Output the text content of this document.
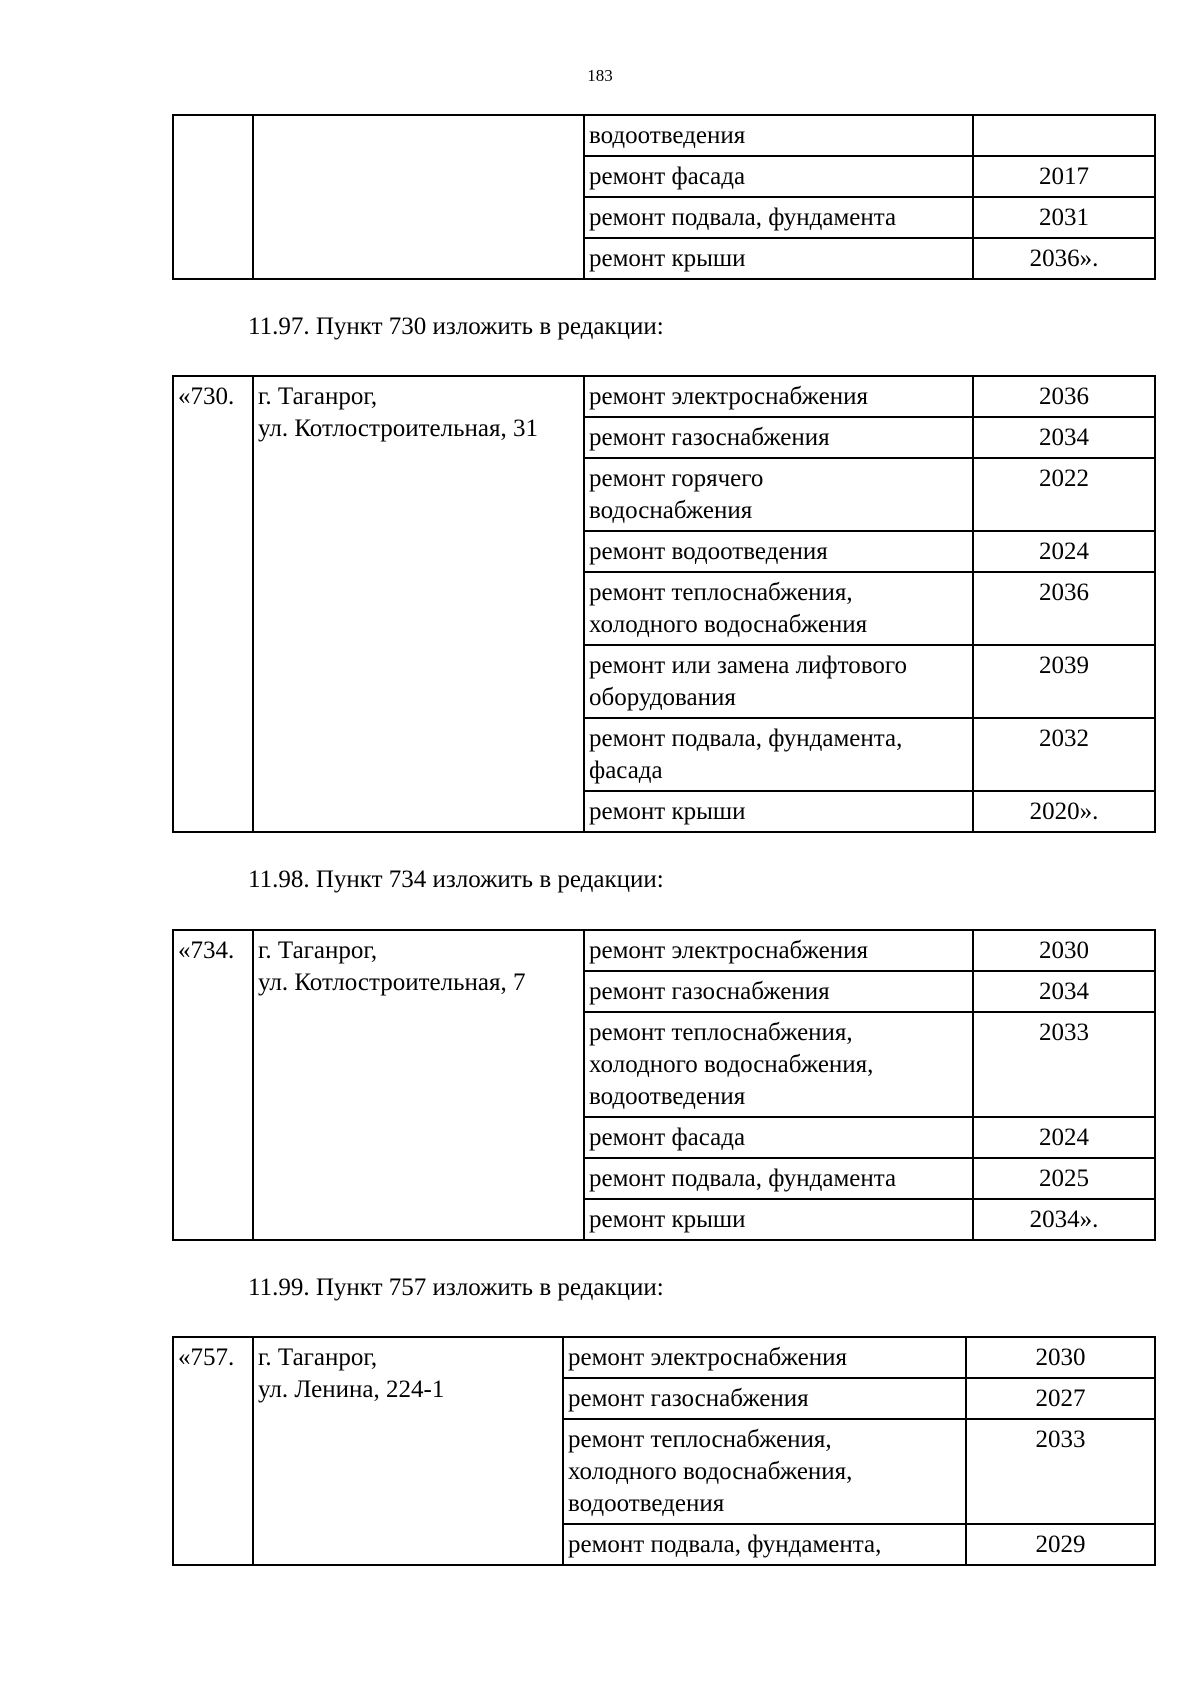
183
		водоотведения	
		ремонт фасада	2017
		ремонт подвала, фундамента	2031
		ремонт крыши	2036».
11.97. Пункт 730 изложить в редакции:
«730.	г. Таганрог,
ул. Котлостроительная, 31	ремонт электроснабжения	2036
		ремонт газоснабжения	2034
		ремонт горячего
водоснабжения	2022
		ремонт водоотведения	2024
		ремонт теплоснабжения,
холодного водоснабжения	2036
		ремонт или замена лифтового
оборудования	2039
		ремонт подвала, фундамента,
фасада	2032
		ремонт крыши	2020».
11.98. Пункт 734 изложить в редакции:
«734.	г. Таганрог,
ул. Котлостроительная, 7	ремонт электроснабжения	2030
		ремонт газоснабжения	2034
		ремонт теплоснабжения,
холодного водоснабжения,
водоотведения	2033
		ремонт фасада	2024
		ремонт подвала, фундамента	2025
		ремонт крыши	2034».
11.99. Пункт 757 изложить в редакции:
«757.	г. Таганрог,
ул. Ленина, 224-1	ремонт электроснабжения	2030
		ремонт газоснабжения	2027
		ремонт теплоснабжения,
холодного водоснабжения,
водоотведения	2033
		ремонт подвала, фундамента,	2029
